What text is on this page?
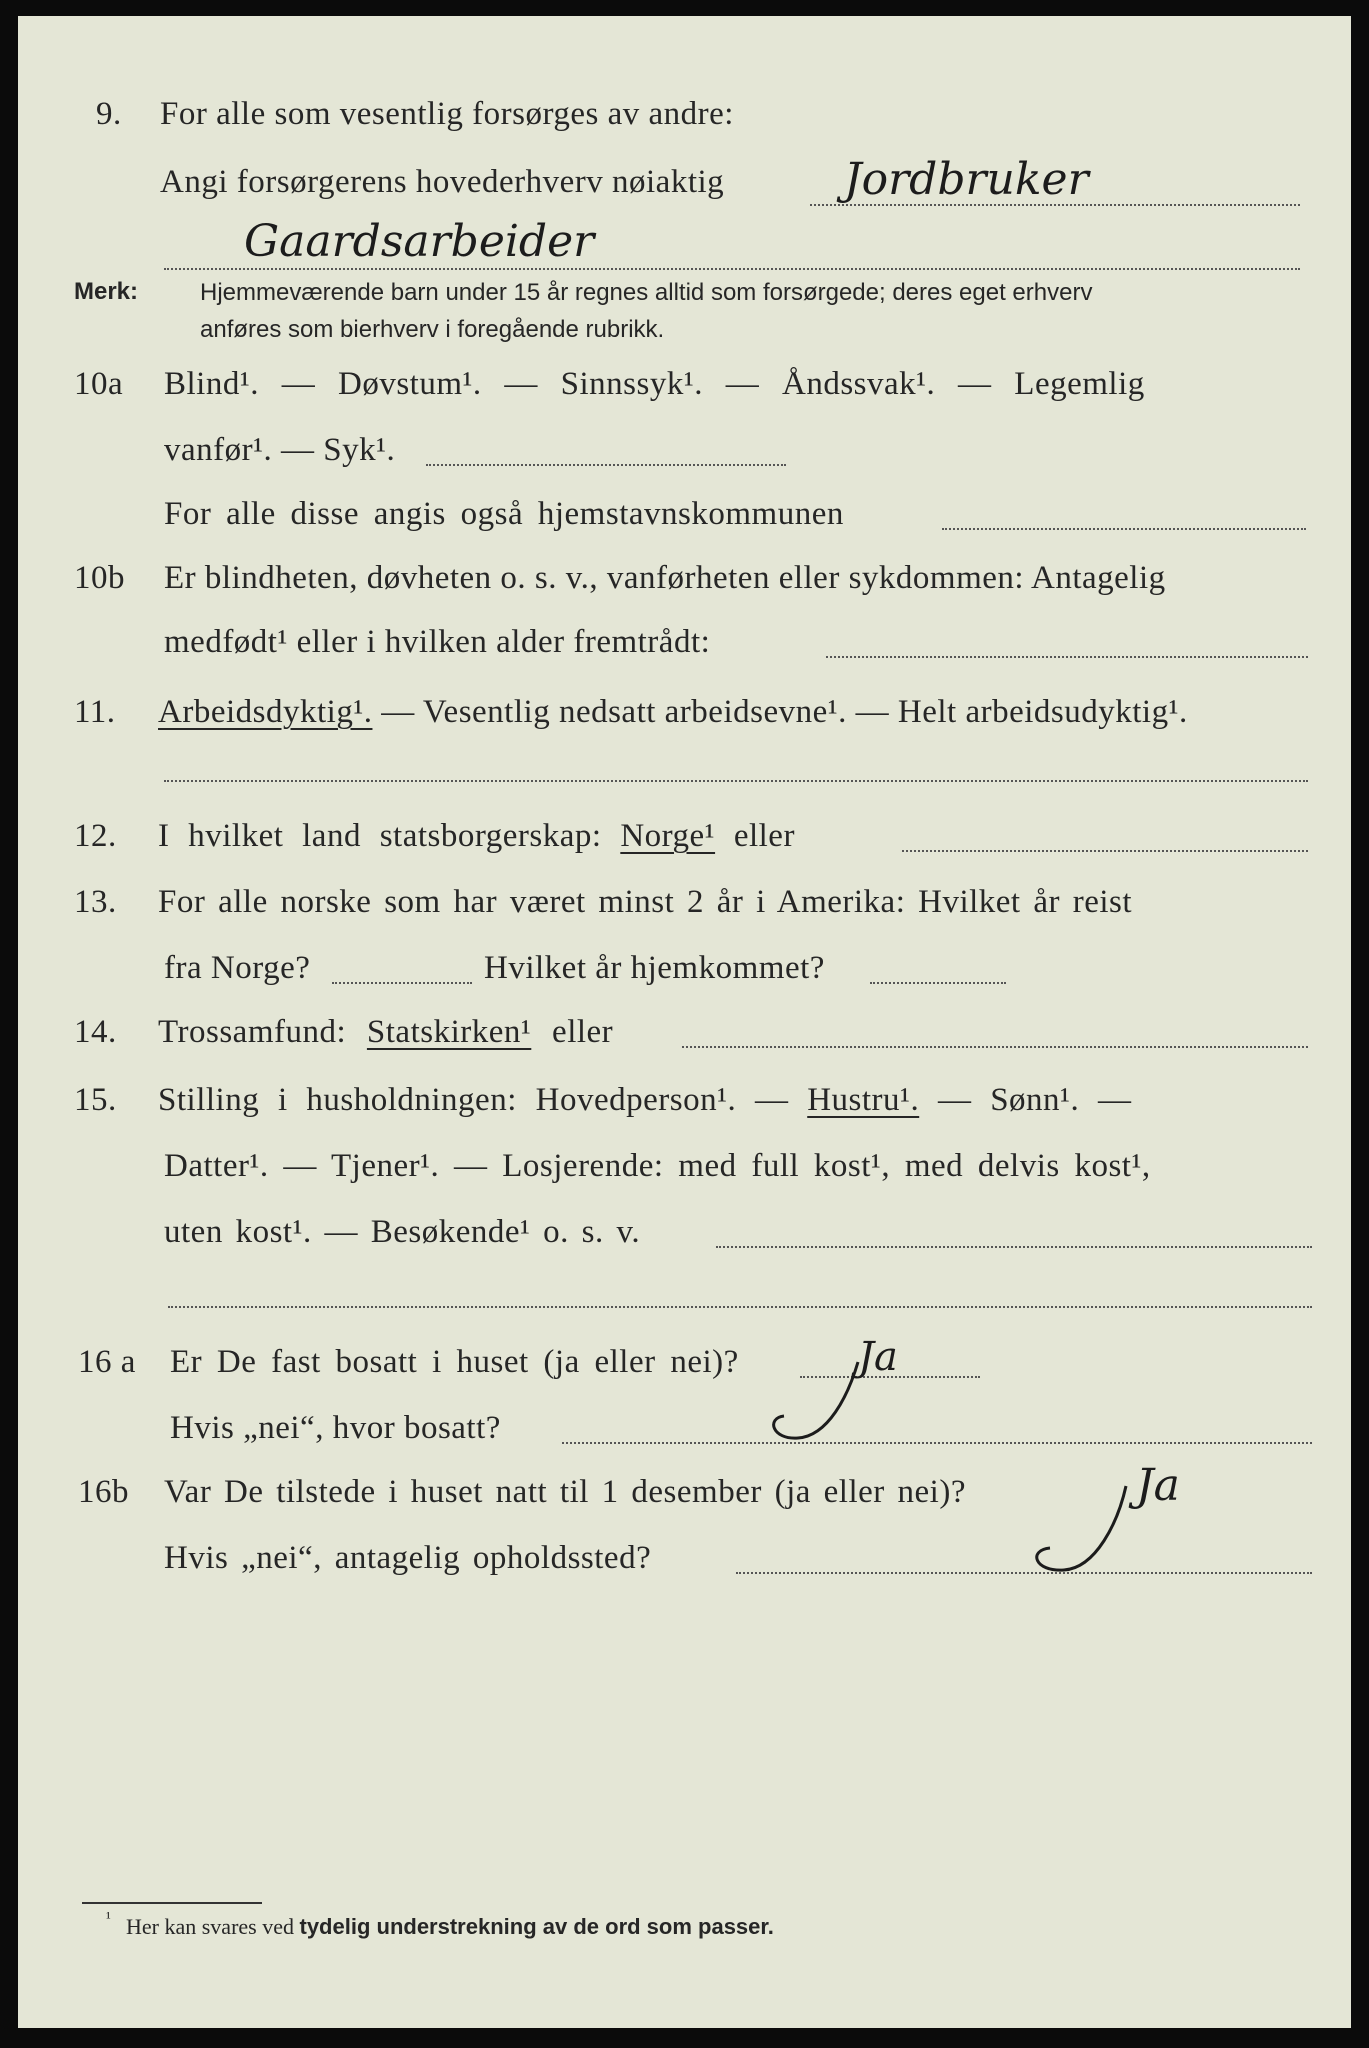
9. For alle som vesentlig forsørges av andre:
Angi forsørgerens hovederhverv nøiaktig	Jordbruker
Gaardsarbeider
Merk:	Hjemmeværende barn under 15 år regnes alltid som forsørgede; deres eget erhverv
anføres som bierhverv i foregående rubrikk.
10a Blind¹. — Døvstum¹. — Sinnssyk¹. — Åndssvak¹. — Legemlig
vanfør¹. — Syk¹.
For alle disse angis også hjemstavnskommunen
10b Er blindheten, døvheten o. s. v., vanførheten eller sykdommen: Antagelig
medfødt¹ eller i hvilken alder fremtrådt:
11. Arbeidsdyktig¹. — Vesentlig nedsatt arbeidsevne¹. — Helt arbeidsudyktig¹.
12. I hvilket land statsborgerskap: Norge¹ eller
13. For alle norske som har været minst 2 år i Amerika: Hvilket år reist
fra Norge?	Hvilket år hjemkommet?
14. Trossamfund: Statskirken¹ eller
15. Stilling i husholdningen: Hovedperson¹. — Hustru¹. — Sønn¹. —
Datter¹. — Tjener¹. — Losjerende: med full kost¹, med delvis kost¹,
uten kost¹. — Besøkende¹ o. s. v.
16 a Er De fast bosatt i huset (ja eller nei)?	Ja
Hvis „nei“, hvor bosatt?
16b Var De tilstede i huset natt til 1 desember (ja eller nei)?	Ja
Hvis „nei“, antagelig opholdssted?
¹ Her kan svares ved tydelig understrekning av de ord som passer.
